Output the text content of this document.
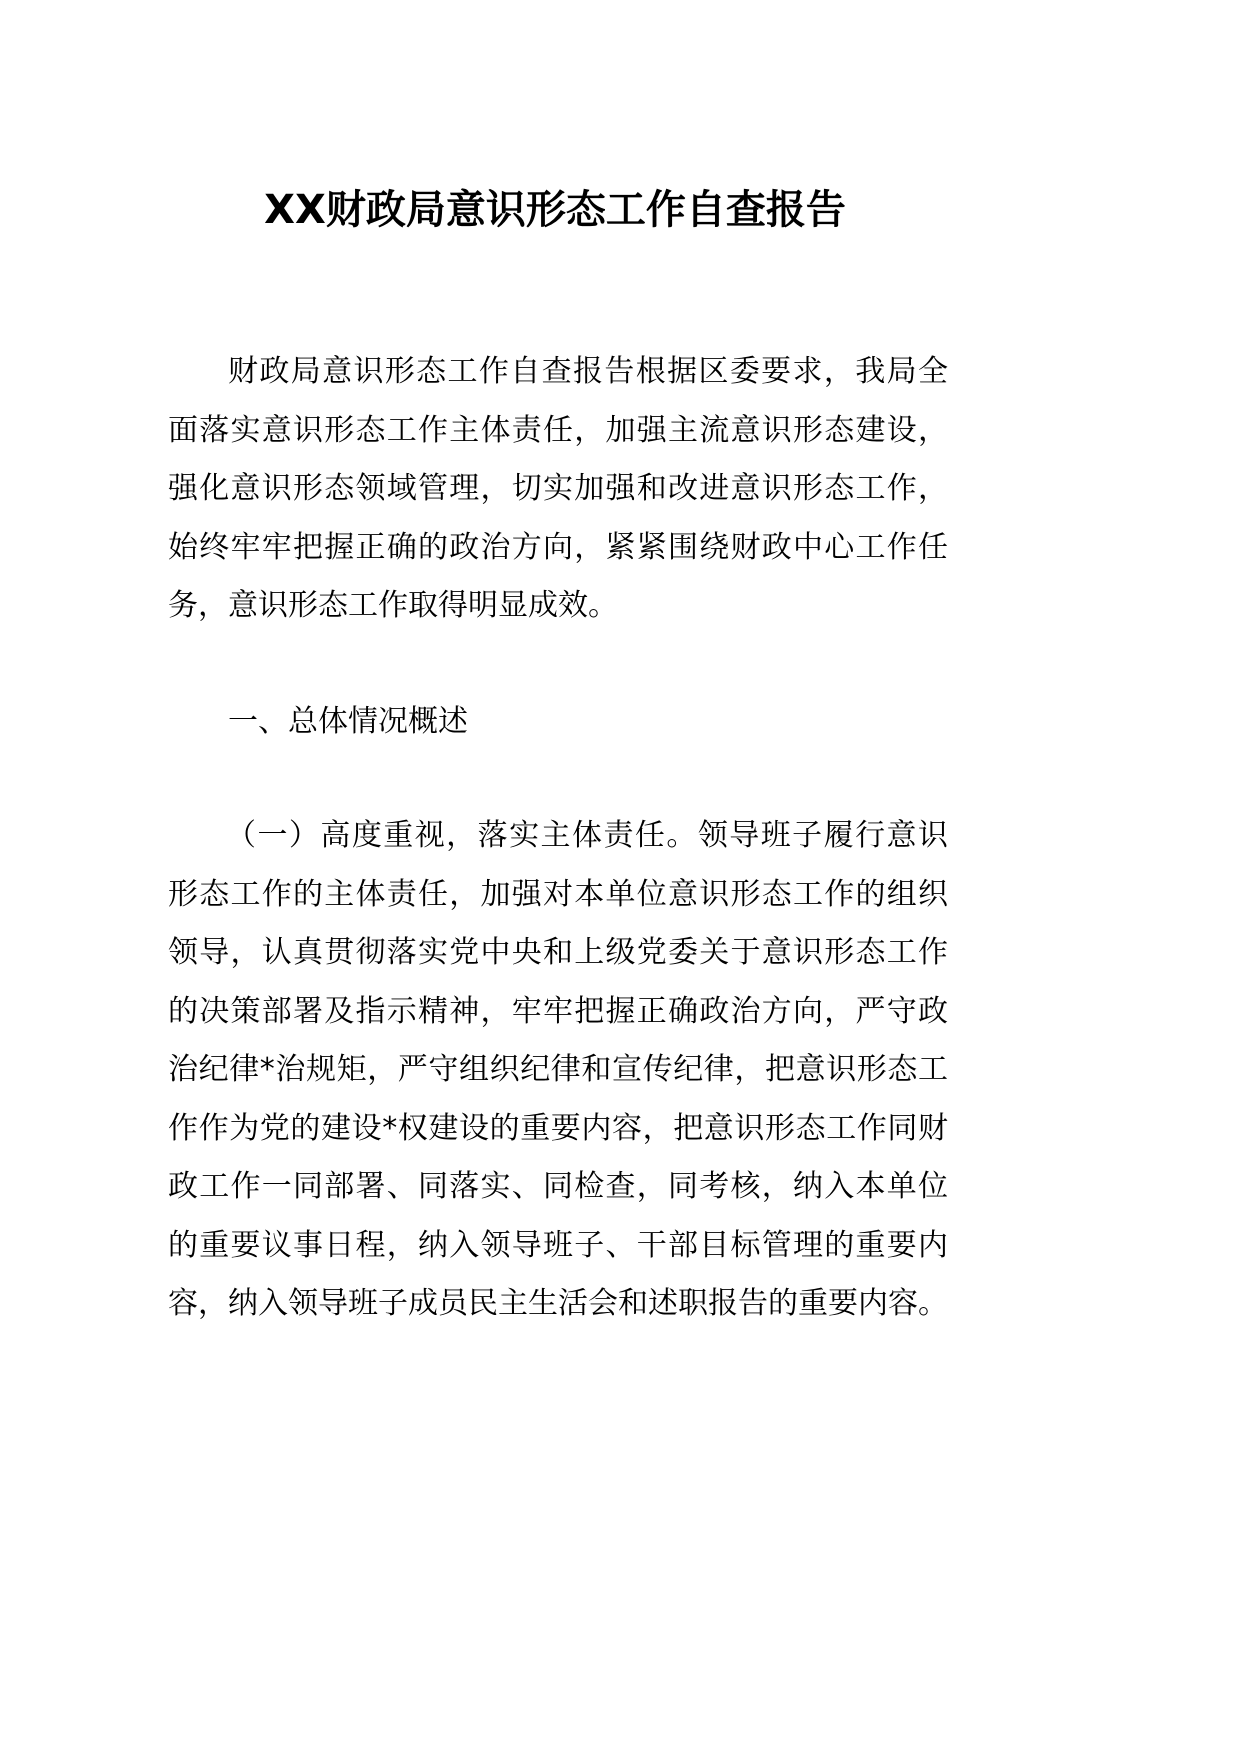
XX财政局意识形态工作自查报告
财政局意识形态工作自查报告根据区委要求，我局全
面落实意识形态工作主体责任，加强主流意识形态建设，
强化意识形态领域管理，切实加强和改进意识形态工作，
始终牢牢把握正确的政治方向，紧紧围绕财政中心工作任
务，意识形态工作取得明显成效。
一、总体情况概述
（一）高度重视，落实主体责任。领导班子履行意识
形态工作的主体责任，加强对本单位意识形态工作的组织
领导，认真贯彻落实党中央和上级党委关于意识形态工作
的决策部署及指示精神，牢牢把握正确政治方向，严守政
治纪律*治规矩，严守组织纪律和宣传纪律，把意识形态工
作作为党的建设*权建设的重要内容，把意识形态工作同财
政工作一同部署、同落实、同检查，同考核，纳入本单位
的重要议事日程，纳入领导班子、干部目标管理的重要内
容，纳入领导班子成员民主生活会和述职报告的重要内容。
